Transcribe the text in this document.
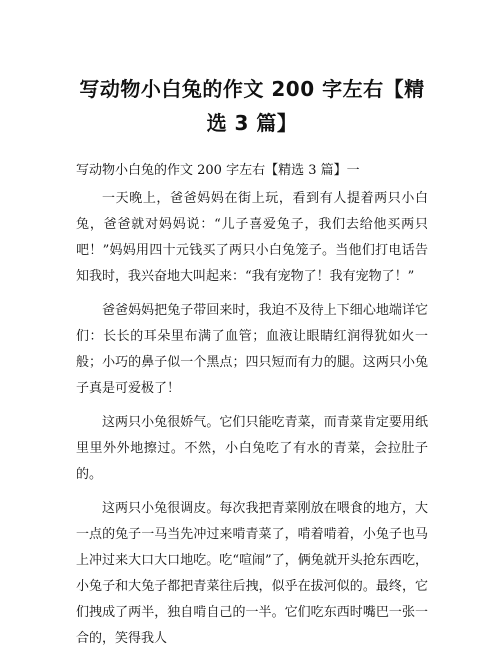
写动物小白兔的作文 200 字左右【精选 3 篇】

写动物小白兔的作文 200 字左右【精选 3 篇】一

一天晚上，爸爸妈妈在街上玩，看到有人提着两只小白兔，爸爸就对妈妈说：“儿子喜爱兔子，我们去给他买两只吧！”妈妈用四十元钱买了两只小白兔笼子。当他们打电话告知我时，我兴奋地大叫起来：“我有宠物了！我有宠物了！”

爸爸妈妈把兔子带回来时，我迫不及待上下细心地端详它们：长长的耳朵里布满了血管；血液让眼睛红润得犹如火一般；小巧的鼻子似一个黑点；四只短而有力的腿。这两只小兔子真是可爱极了！

这两只小兔很娇气。它们只能吃青菜，而青菜肯定要用纸里里外外地擦过。不然，小白兔吃了有水的青菜，会拉肚子的。

这两只小兔很调皮。每次我把青菜刚放在喂食的地方，大一点的兔子一马当先冲过来啃青菜了，啃着啃着，小兔子也马上冲过来大口大口地吃。吃“喧闹”了，俩兔就开头抢东西吃，小兔子和大兔子都把青菜往后拽，似乎在拔河似的。最终，它们拽成了两半，独自啃自己的一半。它们吃东西时嘴巴一张一合的，笑得我人
